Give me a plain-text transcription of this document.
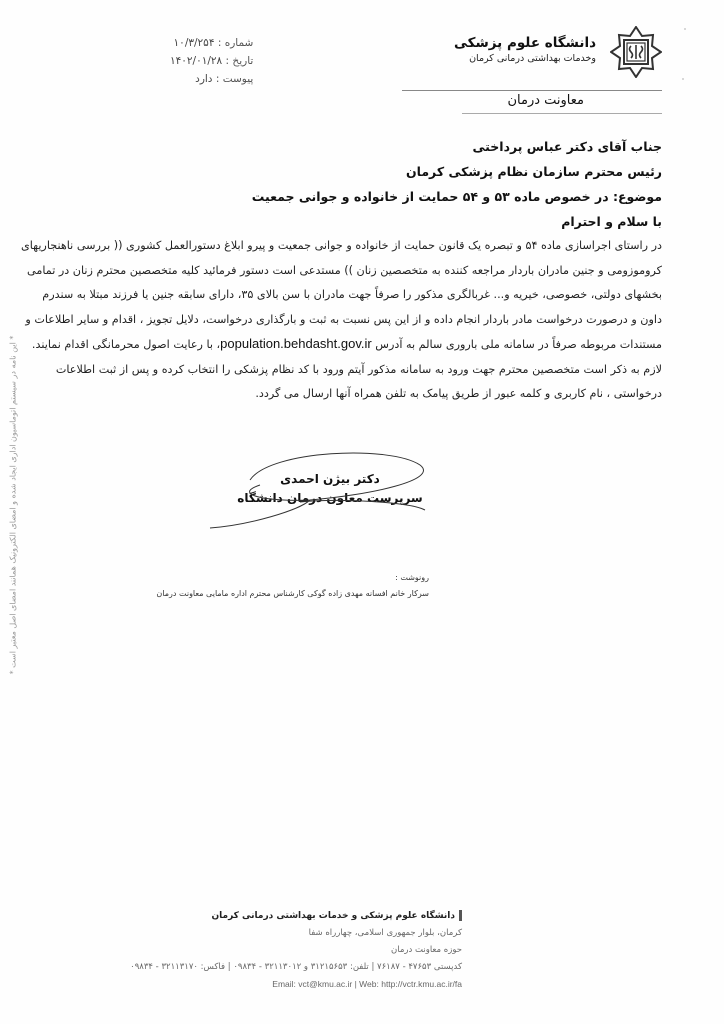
دانشگاه علوم پزشکی
وخدمات بهداشتی درمانی کرمان
معاونت درمان
شماره : ۱۰/۳/۲۵۴
تاریخ : ۱۴۰۲/۰۱/۲۸
پیوست : دارد
جناب آقای دکتر عباس پرداختی
رئیس محترم سازمان نظام پزشکی کرمان
موضوع: در خصوص ماده ۵۳ و ۵۴ حمایت از خانواده و جوانی جمعیت
با سلام و احترام
در راستای اجراسازی ماده ۵۴ و تبصره یک قانون حمایت از خانواده و جوانی جمعیت و پیرو ابلاغ دستورالعمل کشوری (( بررسی ناهنجاریهای
کروموزومی و جنین مادران باردار مراجعه کننده به متخصصین زنان )) مستدعی است دستور فرمائید کلیه متخصصین محترم زنان در تمامی
بخشهای دولتی، خصوصی، خیریه و... غربالگری مذکور را صرفاً جهت مادران با سن بالای ۳۵، دارای سابقه جنین یا فرزند مبتلا به سندرم
داون و درصورت درخواست مادر باردار انجام داده و از این پس نسبت به ثبت و بارگذاری درخواست، دلایل تجویز ، اقدام و سایر اطلاعات و
مستندات مربوطه صرفاً در سامانه ملی باروری سالم به آدرس population.behdasht.gov.ir، با رعایت اصول محرمانگی اقدام نمایند.
لازم به ذکر است متخصصین محترم جهت ورود به سامانه مذکور آیتم ورود با کد نظام پزشکی را انتخاب کرده و پس از ثبت اطلاعات
درخواستی ، نام کاربری و کلمه عبور از طریق پیامک به تلفن همراه آنها ارسال می گردد.
دکتر بیژن احمدی
سرپرست معاون درمان دانشگاه
رونوشت :
سرکار خانم افسانه مهدی زاده گوکی کارشناس محترم اداره مامایی معاونت درمان
* این نامه در سیستم اتوماسیون اداری ایجاد شده و امضای الکترونیک همانند امضای اصل معتبر است *
دانشگاه علوم پزشکی و خدمات بهداشتی درمانی کرمان
کرمان، بلوار جمهوری اسلامی، چهارراه شفا
حوزه معاونت درمان
کدپستی ۴۷۶۵۳ - ۷۶۱۸۷ | تلفن: ۳۱۲۱۵۶۵۳ و ۳۲۱۱۳۰۱۲ - ۰۹۸۳۴ | فاکس: ۳۲۱۱۳۱۷۰ - ۰۹۸۳۴
Email: vct@kmu.ac.ir | Web: http://vctr.kmu.ac.ir/fa
